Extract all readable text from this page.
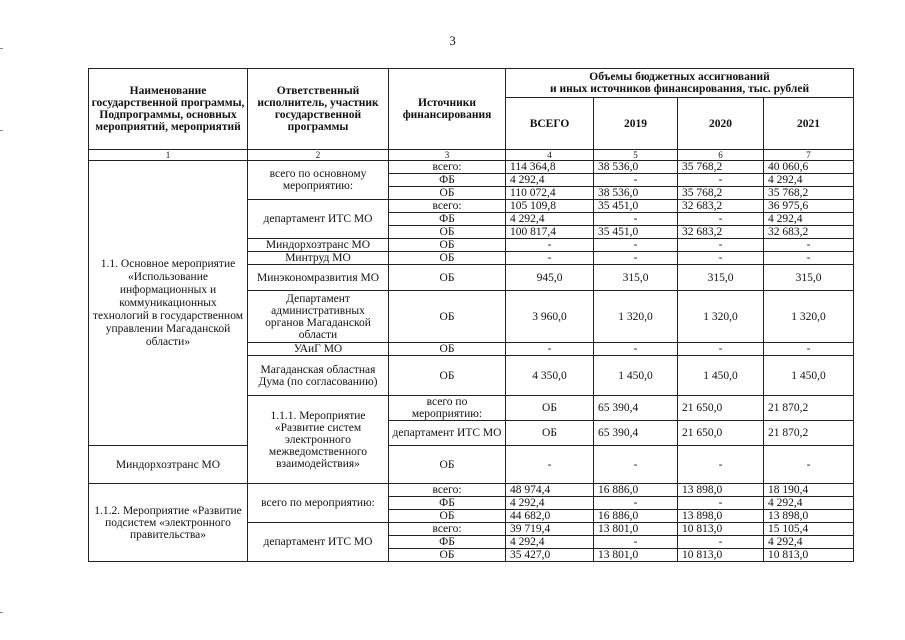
3
Наименование государственной программы, Подпрограммы, основных мероприятий, мероприятий	Ответственный исполнитель, участник государственной программы	Источники финансирования	Объемы бюджетных ассигнований
и иных источников финансирования, тыс. рублей				

			ВСЕГО	2019	2020	2021	
1	2	3	4	5	6	7	
1.1. Основное мероприятие «Использование информационных и коммуникационных технологий в государственном управлении Магаданской области»	всего по основному мероприятию:	всего:	114 364,8	38 536,0	35 768,2	40 060,6	
		ФБ	4 292,4	-	-	4 292,4	
		ОБ	110 072,4	38 536,0	35 768,2	35 768,2	
	департамент ИТС МО	всего:	105 109,8	35 451,0	32 683,2	36 975,6	
		ФБ	4 292,4	-	-	4 292,4	
		ОБ	100 817,4	35 451,0	32 683,2	32 683,2	
	Миндорхозтранс МО	ОБ	-	-	-	-	
	Минтруд МО	ОБ	-	-	-	-	
	Минэкономразвития МО	ОБ	945,0	315,0	315,0	315,0	
	Департамент административных органов Магаданской области	ОБ	3 960,0	1 320,0	1 320,0	1 320,0	
	УАиГ МО	ОБ	-	-	-	-	
	Магаданская областная Дума (по согласованию)	ОБ	4 350,0	1 450,0	1 450,0	1 450,0	
	1.1.1. Мероприятие «Развитие систем электронного межведомственного взаимодействия»	всего по мероприятию:	ОБ	65 390,4	21 650,0	21 870,2	
		департамент ИТС МО	ОБ	65 390,4	21 650,0	21 870,2	
Миндорхозтранс МО		ОБ	-	-	-	-	
1.1.2. Мероприятие «Развитие подсистем «электронного правительства»	всего по мероприятию:	всего:	48 974,4	16 886,0	13 898,0	18 190,4	
		ФБ	4 292,4	-	-	4 292,4	
		ОБ	44 682,0	16 886,0	13 898,0	13 898,0	
	департамент ИТС МО	всего:	39 719,4	13 801,0	10 813,0	15 105,4	
		ФБ	4 292,4	-	-	4 292,4	
		ОБ	35 427,0	13 801,0	10 813,0	10 813,0	
